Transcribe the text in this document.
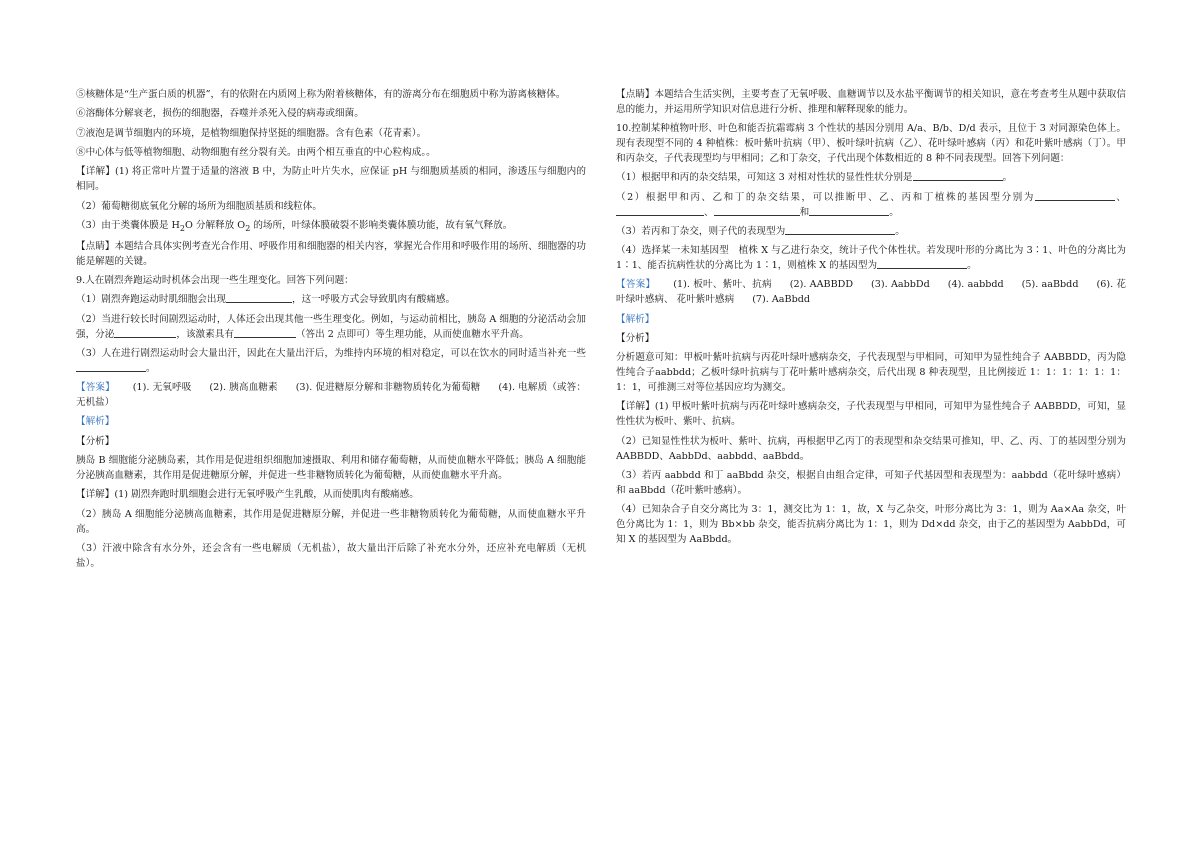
⑤核糖体是“生产蛋白质的机器”，有的依附在内质网上称为附着核糖体，有的游离分布在细胞质中称为游离核糖体。

⑥溶酶体分解衰老，损伤的细胞器，吞噬并杀死入侵的病毒或细菌。

⑦液泡是调节细胞内的环境，是植物细胞保持坚挺的细胞器。含有色素（花青素）。

⑧中心体与低等植物细胞、动物细胞有丝分裂有关。由两个相互垂直的中心粒构成。。

【详解】(1) 将正常叶片置于适量的溶液 B 中，为防止叶片失水，应保证 pH 与细胞质基质的相同，渗透压与细胞内的相同。

（2）葡萄糖彻底氧化分解的场所为细胞质基质和线粒体。

（3）由于类囊体膜是 $H_2O$ 分解释放 $O_2$ 的场所，叶绿体膜破裂不影响类囊体膜功能，故有氧气释放。

【点睛】本题结合具体实例考查光合作用、呼吸作用和细胞器的相关内容，掌握光合作用和呼吸作用的场所、细胞器的功能是解题的关键。

9.人在剧烈奔跑运动时机体会出现一些生理变化。回答下列问题：

（1）剧烈奔跑运动时肌细胞会出现	，这一呼吸方式会导致肌肉有酸痛感。

（2）当进行较长时间剧烈运动时，人体还会出现其他一些生理变化。例如，与运动前相比，胰岛 A 细胞的分泌活动会加强，分泌	，该激素具有	（答出 2 点即可）等生理功能，从而使血糖水平升高。

（3）人在进行剧烈运动时会大量出汗，因此在大量出汗后，为维持内环境的相对稳定，可以在饮水的同时适当补充一些。

【答案】 (1). 无氧呼吸 (2). 胰高血糖素 (3). 促进糖原分解和非糖物质转化为葡萄糖 (4). 电解质（或答：无机盐）

【解析】

【分析】

胰岛 B 细胞能分泌胰岛素，其作用是促进组织细胞加速摄取、利用和储存葡萄糖，从而使血糖水平降低；胰岛 A 细胞能分泌胰高血糖素，其作用是促进糖原分解，并促进一些非糖物质转化为葡萄糖，从而使血糖水平升高。

【详解】(1) 剧烈奔跑时肌细胞会进行无氧呼吸产生乳酸，从而使肌肉有酸痛感。

（2）胰岛 A 细胞能分泌胰高血糖素，其作用是促进糖原分解，并促进一些非糖物质转化为葡萄糖，从而使血糖水平升高。

（3）汗液中除含有水分外，还会含有一些电解质（无机盐），故大量出汗后除了补充水分外，还应补充电解质（无机盐）。

【点睛】本题结合生活实例，主要考查了无氧呼吸、血糖调节以及水盐平衡调节的相关知识，意在考查考生从题中获取信息的能力，并运用所学知识对信息进行分析、推理和解释现象的能力。

10.控制某种植物叶形、叶色和能否抗霜霉病 3 个性状的基因分别用 A/a、B/b、D/d 表示，且位于 3 对同源染色体上。现有表现型不同的 4 种植株：板叶紫叶抗病（甲）、板叶绿叶抗病（乙）、花叶绿叶感病（丙）和花叶紫叶感病（丁）。甲和丙杂交，子代表现型均与甲相同；乙和丁杂交，子代出现个体数相近的 8 种不同表现型。回答下列问题：

（1）根据甲和丙的杂交结果，可知这 3 对相对性状的显性性状分别是	。

（2）根据甲和丙、乙和丁的杂交结果，可以推断甲、乙、丙和丁植株的基因型分别为	、、	和	。

（3）若丙和丁杂交，则子代的表现型为	。

（4）选择某一未知基因型　植株 X 与乙进行杂交，统计子代个体性状。若发现叶形的分离比为 3∶1、叶色的分离比为 1∶1、能否抗病性状的分离比为 1∶1，则植株 X 的基因型为	。

【答案】 (1). 板叶、紫叶、抗病 (2). AABBDD (3). AabbDd (4). aabbdd (5). aaBbdd (6). 花叶绿叶感病、 花叶紫叶感病 (7). AaBbdd

【解析】

【分析】

分析题意可知：甲板叶紫叶抗病与丙花叶绿叶感病杂交，子代表现型与甲相同，可知甲为显性纯合子 AABBDD，丙为隐性纯合子aabbdd；乙板叶绿叶抗病与丁花叶紫叶感病杂交，后代出现 8 种表现型，且比例接近 1：1：1：1：1：1：1：1，可推测三对等位基因应均为测交。

【详解】(1) 甲板叶紫叶抗病与丙花叶绿叶感病杂交，子代表现型与甲相同，可知甲为显性纯合子 AABBDD，可知，显性性状为板叶、紫叶、抗病。

（2）已知显性性状为板叶、紫叶、抗病，再根据甲乙丙丁的表现型和杂交结果可推知，甲、乙、丙、丁的基因型分别为 AABBDD、AabbDd、aabbdd、aaBbdd。

（3）若丙 aabbdd 和丁 aaBbdd 杂交，根据自由组合定律，可知子代基因型和表现型为：aabbdd（花叶绿叶感病）和 aaBbdd（花叶紫叶感病）。

（4）已知杂合子自交分离比为 3：1，测交比为 1：1，故，X 与乙杂交，叶形分离比为 3：1，则为 Aa×Aa 杂交，叶色分离比为 1：1，则为 Bb×bb 杂交，能否抗病分离比为 1：1，则为 Dd×dd 杂交，由于乙的基因型为 AabbDd，可知 X 的基因型为 AaBbdd。
